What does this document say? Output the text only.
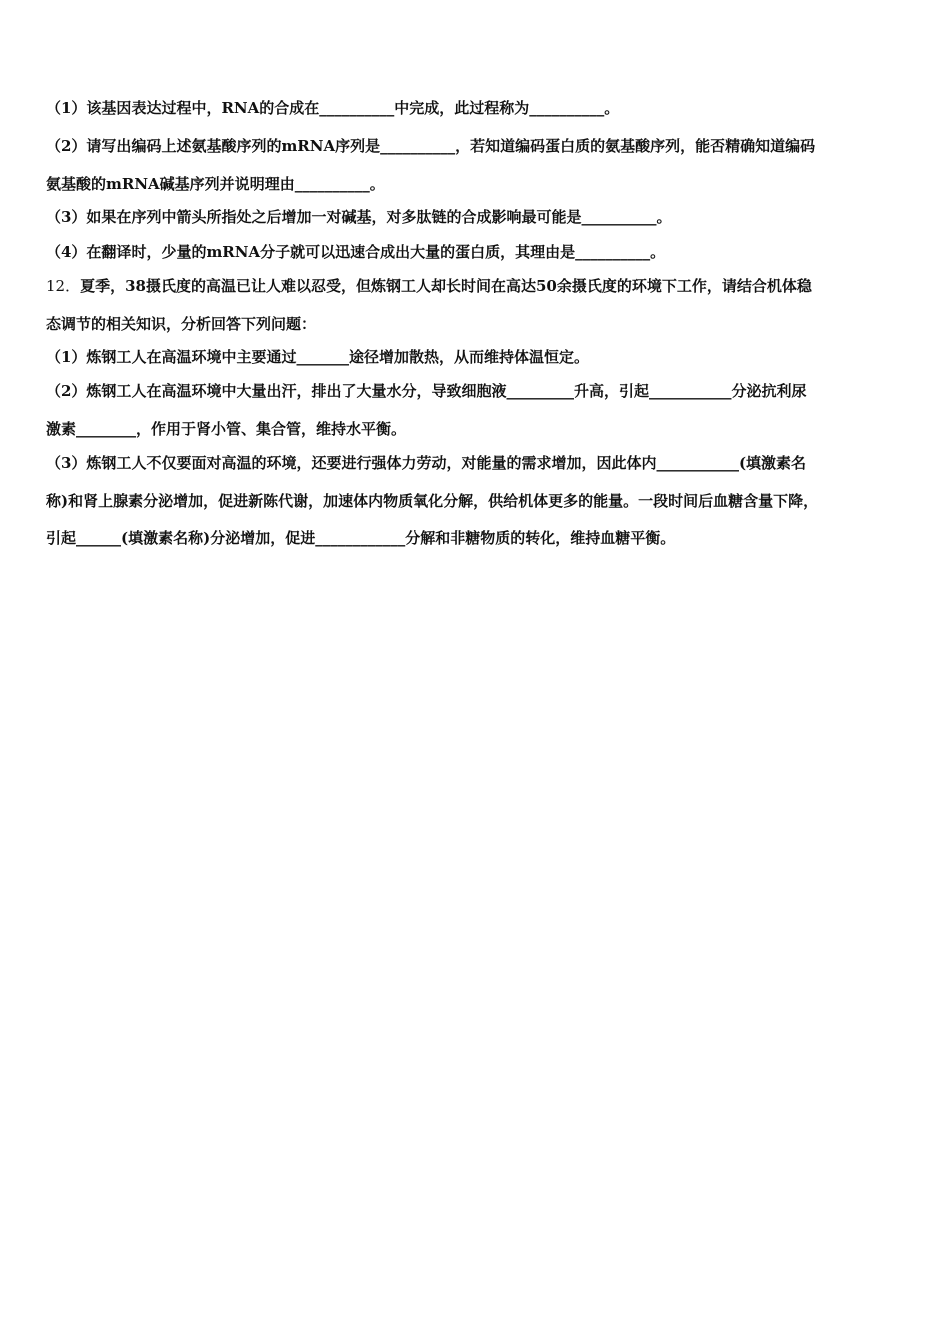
（1）该基因表达过程中，RNA的合成在__________中完成，此过程称为__________。
（2）请写出编码上述氨基酸序列的mRNA序列是__________，若知道编码蛋白质的氨基酸序列，能否精确知道编码
氨基酸的mRNA碱基序列并说明理由__________。
（3）如果在序列中箭头所指处之后增加一对碱基，对多肽链的合成影响最可能是__________。
（4）在翻译时，少量的mRNA分子就可以迅速合成出大量的蛋白质，其理由是__________。
12．夏季，38摄氏度的高温已让人难以忍受，但炼钢工人却长时间在高达50余摄氏度的环境下工作，请结合机体稳
态调节的相关知识，分析回答下列问题：
（1）炼钢工人在高温环境中主要通过_______途径增加散热，从而维持体温恒定。
（2）炼钢工人在高温环境中大量出汗，排出了大量水分，导致细胞液_________升高，引起___________分泌抗利尿
激素________，作用于肾小管、集合管，维持水平衡。
（3）炼钢工人不仅要面对高温的环境，还要进行强体力劳动，对能量的需求增加，因此体内___________(填激素名
称)和肾上腺素分泌增加，促进新陈代谢，加速体内物质氧化分解，供给机体更多的能量。一段时间后血糖含量下降，
引起______(填激素名称)分泌增加，促进____________分解和非糖物质的转化，维持血糖平衡。
